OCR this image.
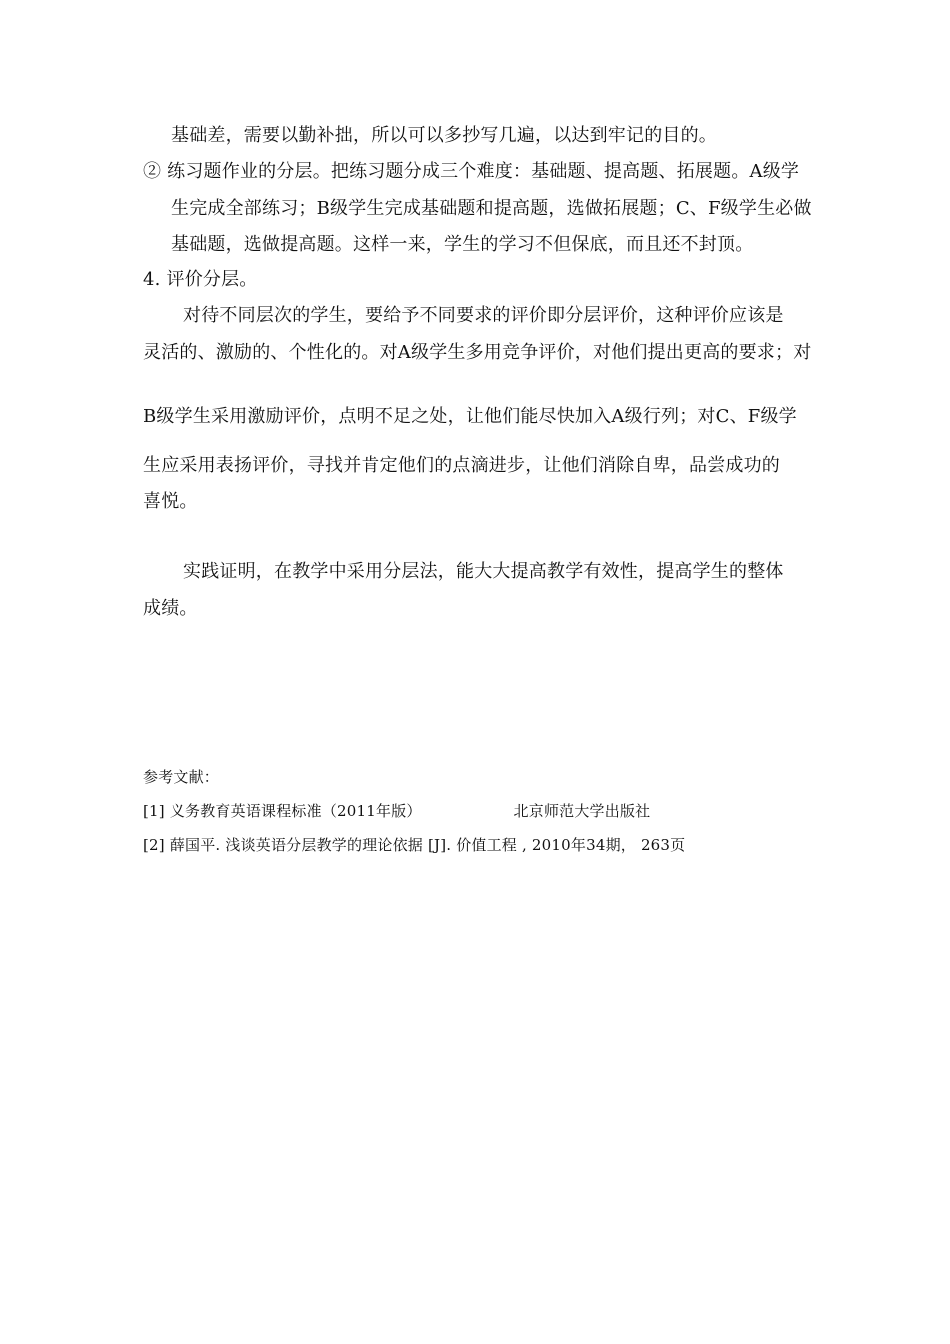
基础差，需要以勤补拙，所以可以多抄写几遍，以达到牢记的目的。
② 练习题作业的分层。把练习题分成三个难度：基础题、提高题、拓展题。A级学
生完成全部练习；B级学生完成基础题和提高题，选做拓展题；C、F级学生必做
基础题，选做提高题。这样一来，学生的学习不但保底，而且还不封顶。
4. 评价分层。
对待不同层次的学生，要给予不同要求的评价即分层评价，这种评价应该是
灵活的、激励的、个性化的。对A级学生多用竞争评价，对他们提出更高的要求；对
B级学生采用激励评价，点明不足之处，让他们能尽快加入A级行列；对C、F级学
生应采用表扬评价，寻找并肯定他们的点滴进步，让他们消除自卑，品尝成功的
喜悦。
实践证明，在教学中采用分层法，能大大提高教学有效性，提高学生的整体
成绩。
参考文献：
[1] 义务教育英语课程标准（2011年版）	北京师范大学出版社
[2] 薛国平. 浅谈英语分层教学的理论依据 [J]. 价值工程 , 2010年34期， 263页
